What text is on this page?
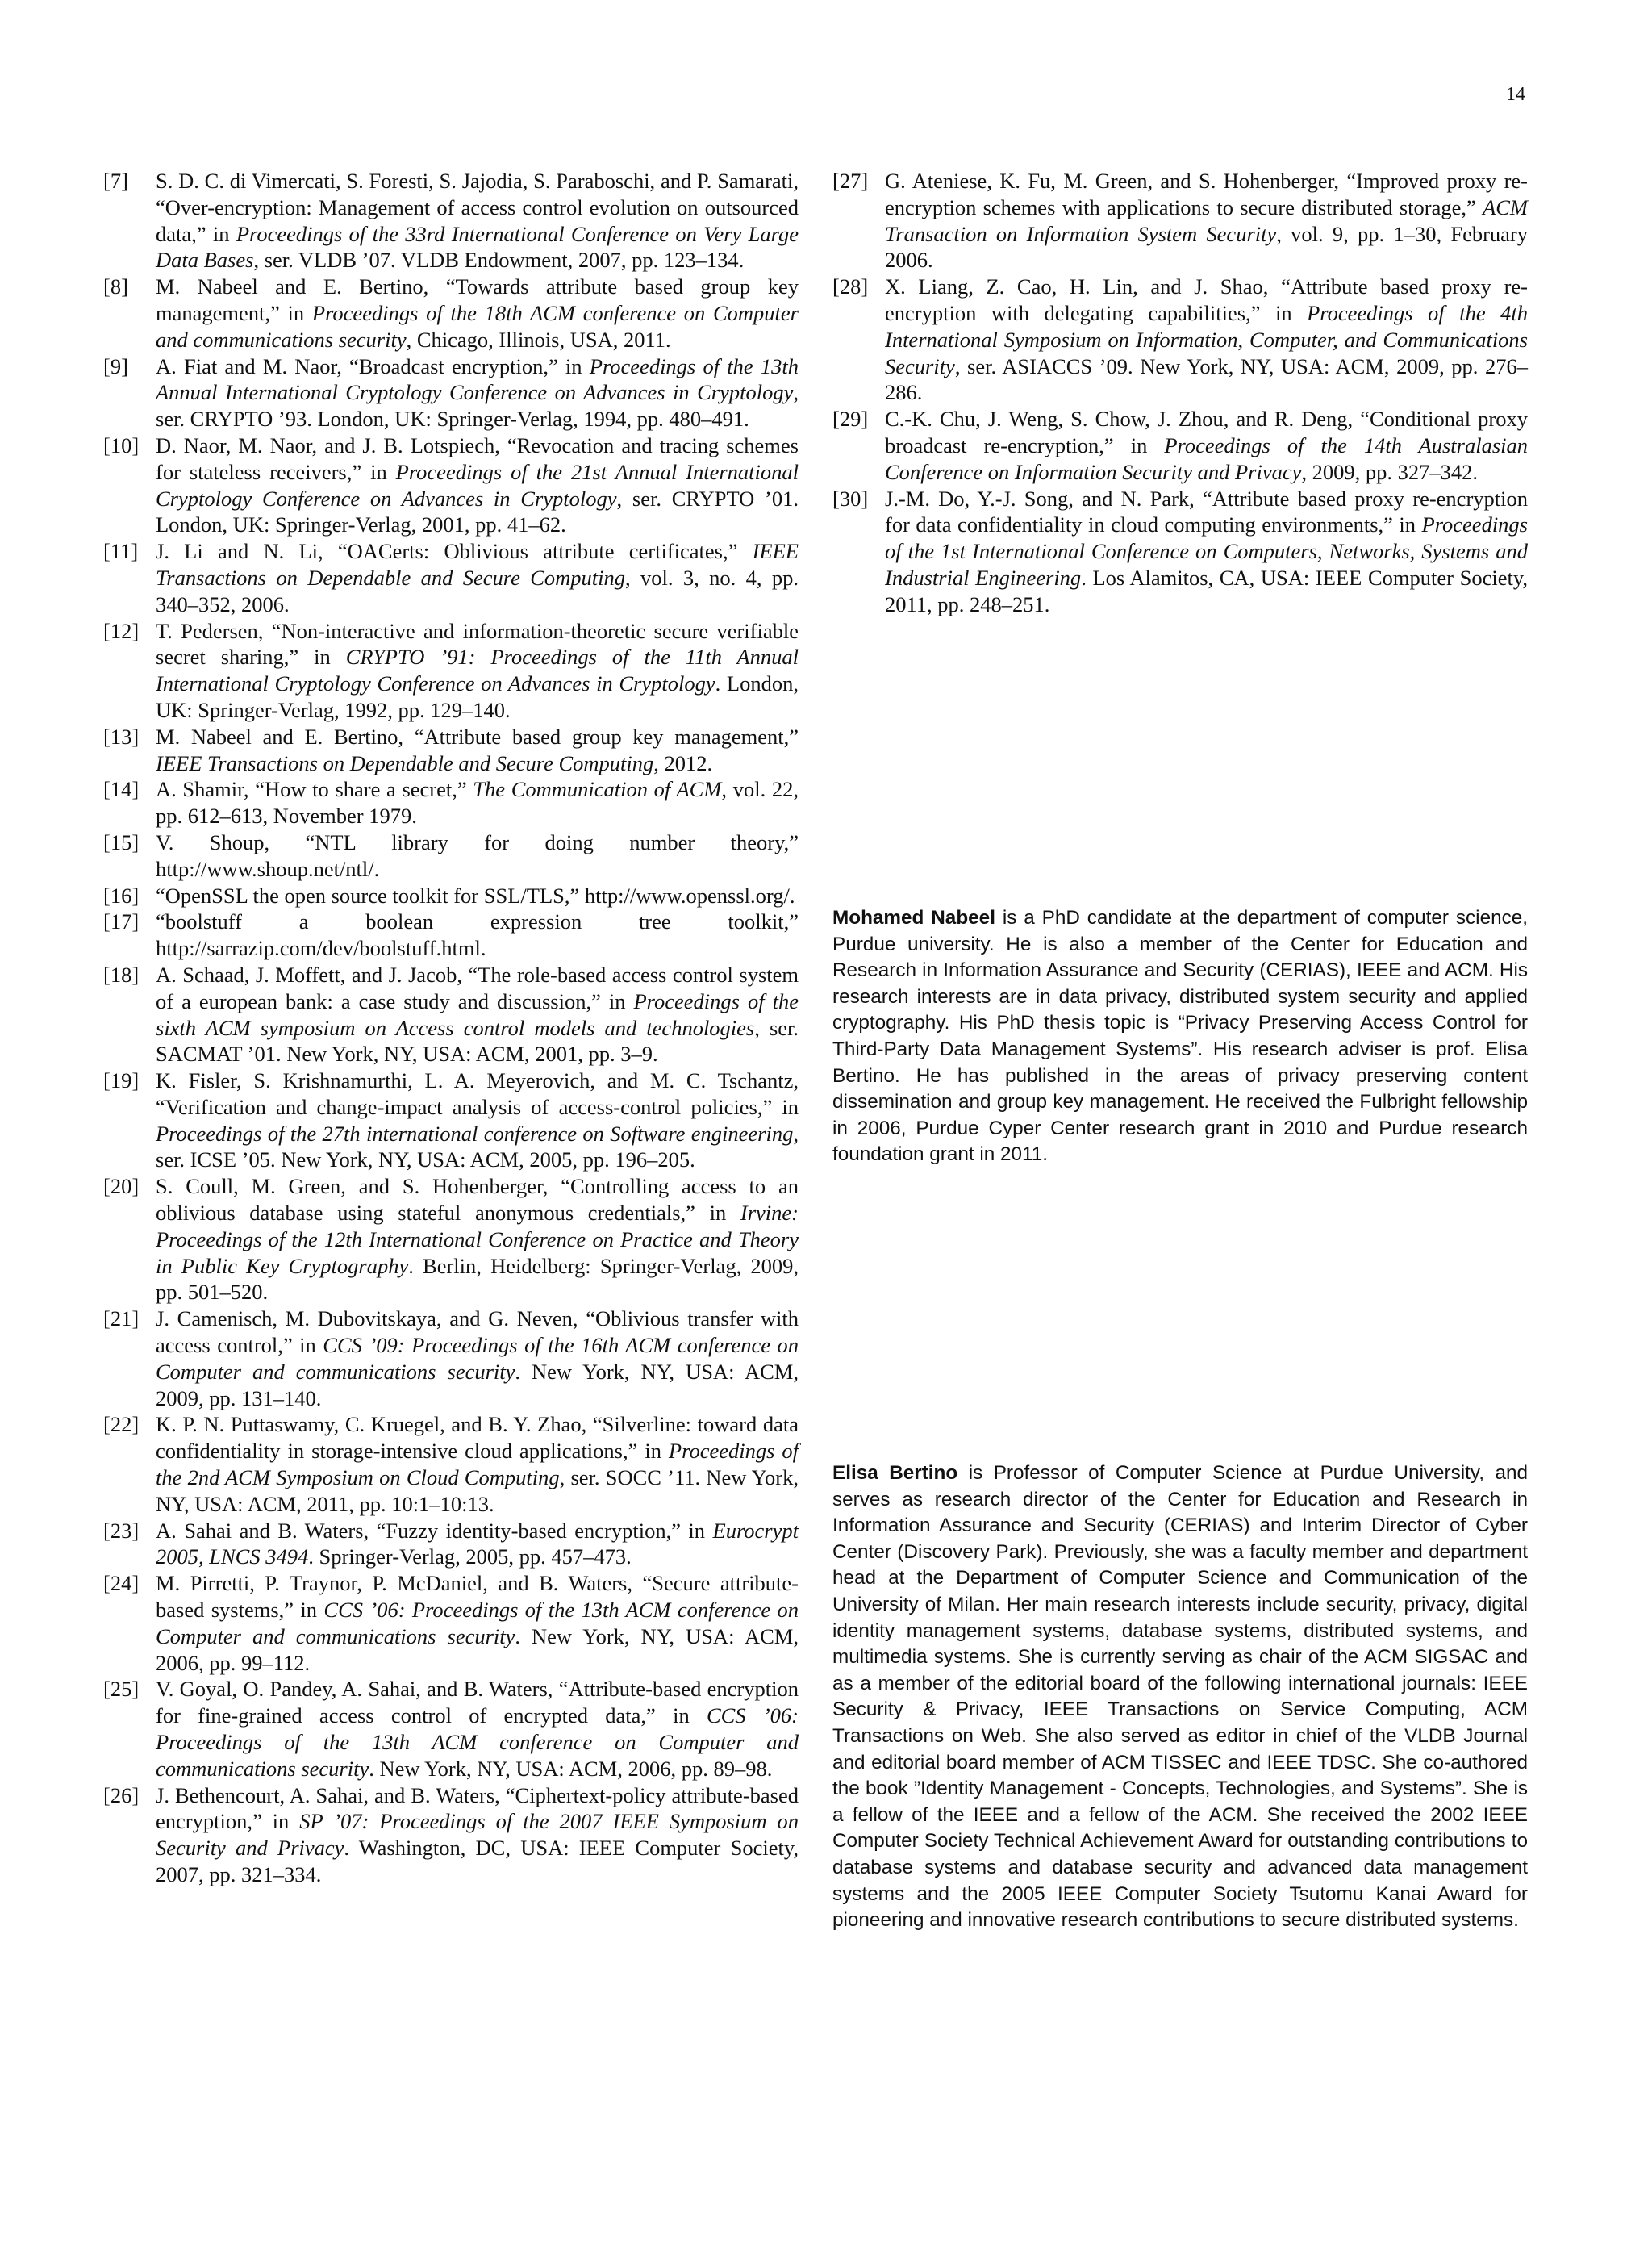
14
[7] S. D. C. di Vimercati, S. Foresti, S. Jajodia, S. Paraboschi, and P. Samarati, “Over-encryption: Management of access control evolution on outsourced data,” in Proceedings of the 33rd International Conference on Very Large Data Bases, ser. VLDB ’07. VLDB Endowment, 2007, pp. 123–134.
[8] M. Nabeel and E. Bertino, “Towards attribute based group key management,” in Proceedings of the 18th ACM conference on Computer and communications security, Chicago, Illinois, USA, 2011.
[9] A. Fiat and M. Naor, “Broadcast encryption,” in Proceedings of the 13th Annual International Cryptology Conference on Advances in Cryptology, ser. CRYPTO ’93. London, UK: Springer-Verlag, 1994, pp. 480–491.
[10] D. Naor, M. Naor, and J. B. Lotspiech, “Revocation and tracing schemes for stateless receivers,” in Proceedings of the 21st Annual International Cryptology Conference on Advances in Cryptology, ser. CRYPTO ’01. London, UK: Springer-Verlag, 2001, pp. 41–62.
[11] J. Li and N. Li, “OACerts: Oblivious attribute certificates,” IEEE Transactions on Dependable and Secure Computing, vol. 3, no. 4, pp. 340–352, 2006.
[12] T. Pedersen, “Non-interactive and information-theoretic secure verifiable secret sharing,” in CRYPTO ’91: Proceedings of the 11th Annual International Cryptology Conference on Advances in Cryptology. London, UK: Springer-Verlag, 1992, pp. 129–140.
[13] M. Nabeel and E. Bertino, “Attribute based group key management,” IEEE Transactions on Dependable and Secure Computing, 2012.
[14] A. Shamir, “How to share a secret,” The Communication of ACM, vol. 22, pp. 612–613, November 1979.
[15] V. Shoup, “NTL library for doing number theory,” http://www.shoup.net/ntl/.
[16] “OpenSSL the open source toolkit for SSL/TLS,” http://www.openssl.org/.
[17] “boolstuff a boolean expression tree toolkit,” http://sarrazip.com/dev/boolstuff.html.
[18] A. Schaad, J. Moffett, and J. Jacob, “The role-based access control system of a european bank: a case study and discussion,” in Proceedings of the sixth ACM symposium on Access control models and technologies, ser. SACMAT ’01. New York, NY, USA: ACM, 2001, pp. 3–9.
[19] K. Fisler, S. Krishnamurthi, L. A. Meyerovich, and M. C. Tschantz, “Verification and change-impact analysis of access-control policies,” in Proceedings of the 27th international conference on Software engineering, ser. ICSE ’05. New York, NY, USA: ACM, 2005, pp. 196–205.
[20] S. Coull, M. Green, and S. Hohenberger, “Controlling access to an oblivious database using stateful anonymous credentials,” in Irvine: Proceedings of the 12th International Conference on Practice and Theory in Public Key Cryptography. Berlin, Heidelberg: Springer-Verlag, 2009, pp. 501–520.
[21] J. Camenisch, M. Dubovitskaya, and G. Neven, “Oblivious transfer with access control,” in CCS ’09: Proceedings of the 16th ACM conference on Computer and communications security. New York, NY, USA: ACM, 2009, pp. 131–140.
[22] K. P. N. Puttaswamy, C. Kruegel, and B. Y. Zhao, “Silverline: toward data confidentiality in storage-intensive cloud applications,” in Proceedings of the 2nd ACM Symposium on Cloud Computing, ser. SOCC ’11. New York, NY, USA: ACM, 2011, pp. 10:1–10:13.
[23] A. Sahai and B. Waters, “Fuzzy identity-based encryption,” in Eurocrypt 2005, LNCS 3494. Springer-Verlag, 2005, pp. 457–473.
[24] M. Pirretti, P. Traynor, P. McDaniel, and B. Waters, “Secure attribute-based systems,” in CCS ’06: Proceedings of the 13th ACM conference on Computer and communications security. New York, NY, USA: ACM, 2006, pp. 99–112.
[25] V. Goyal, O. Pandey, A. Sahai, and B. Waters, “Attribute-based encryption for fine-grained access control of encrypted data,” in CCS ’06: Proceedings of the 13th ACM conference on Computer and communications security. New York, NY, USA: ACM, 2006, pp. 89–98.
[26] J. Bethencourt, A. Sahai, and B. Waters, “Ciphertext-policy attribute-based encryption,” in SP ’07: Proceedings of the 2007 IEEE Symposium on Security and Privacy. Washington, DC, USA: IEEE Computer Society, 2007, pp. 321–334.
[27] G. Ateniese, K. Fu, M. Green, and S. Hohenberger, “Improved proxy re-encryption schemes with applications to secure distributed storage,” ACM Transaction on Information System Security, vol. 9, pp. 1–30, February 2006.
[28] X. Liang, Z. Cao, H. Lin, and J. Shao, “Attribute based proxy re-encryption with delegating capabilities,” in Proceedings of the 4th International Symposium on Information, Computer, and Communications Security, ser. ASIACCS ’09. New York, NY, USA: ACM, 2009, pp. 276–286.
[29] C.-K. Chu, J. Weng, S. Chow, J. Zhou, and R. Deng, “Conditional proxy broadcast re-encryption,” in Proceedings of the 14th Australasian Conference on Information Security and Privacy, 2009, pp. 327–342.
[30] J.-M. Do, Y.-J. Song, and N. Park, “Attribute based proxy re-encryption for data confidentiality in cloud computing environments,” in Proceedings of the 1st International Conference on Computers, Networks, Systems and Industrial Engineering. Los Alamitos, CA, USA: IEEE Computer Society, 2011, pp. 248–251.
Mohamed Nabeel is a PhD candidate at the department of computer science, Purdue university. He is also a member of the Center for Education and Research in Information Assurance and Security (CERIAS), IEEE and ACM. His research interests are in data privacy, distributed system security and applied cryptography. His PhD thesis topic is “Privacy Preserving Access Control for Third-Party Data Management Systems”. His research adviser is prof. Elisa Bertino. He has published in the areas of privacy preserving content dissemination and group key management. He received the Fulbright fellowship in 2006, Purdue Cyper Center research grant in 2010 and Purdue research foundation grant in 2011.
Elisa Bertino is Professor of Computer Science at Purdue University, and serves as research director of the Center for Education and Research in Information Assurance and Security (CERIAS) and Interim Director of Cyber Center (Discovery Park). Previously, she was a faculty member and department head at the Department of Computer Science and Communication of the University of Milan. Her main research interests include security, privacy, digital identity management systems, database systems, distributed systems, and multimedia systems. She is currently serving as chair of the ACM SIGSAC and as a member of the editorial board of the following international journals: IEEE Security & Privacy, IEEE Transactions on Service Computing, ACM Transactions on Web. She also served as editor in chief of the VLDB Journal and editorial board member of ACM TISSEC and IEEE TDSC. She co-authored the book ”Identity Management - Concepts, Technologies, and Systems”. She is a fellow of the IEEE and a fellow of the ACM. She received the 2002 IEEE Computer Society Technical Achievement Award for outstanding contributions to database systems and database security and advanced data management systems and the 2005 IEEE Computer Society Tsutomu Kanai Award for pioneering and innovative research contributions to secure distributed systems.
